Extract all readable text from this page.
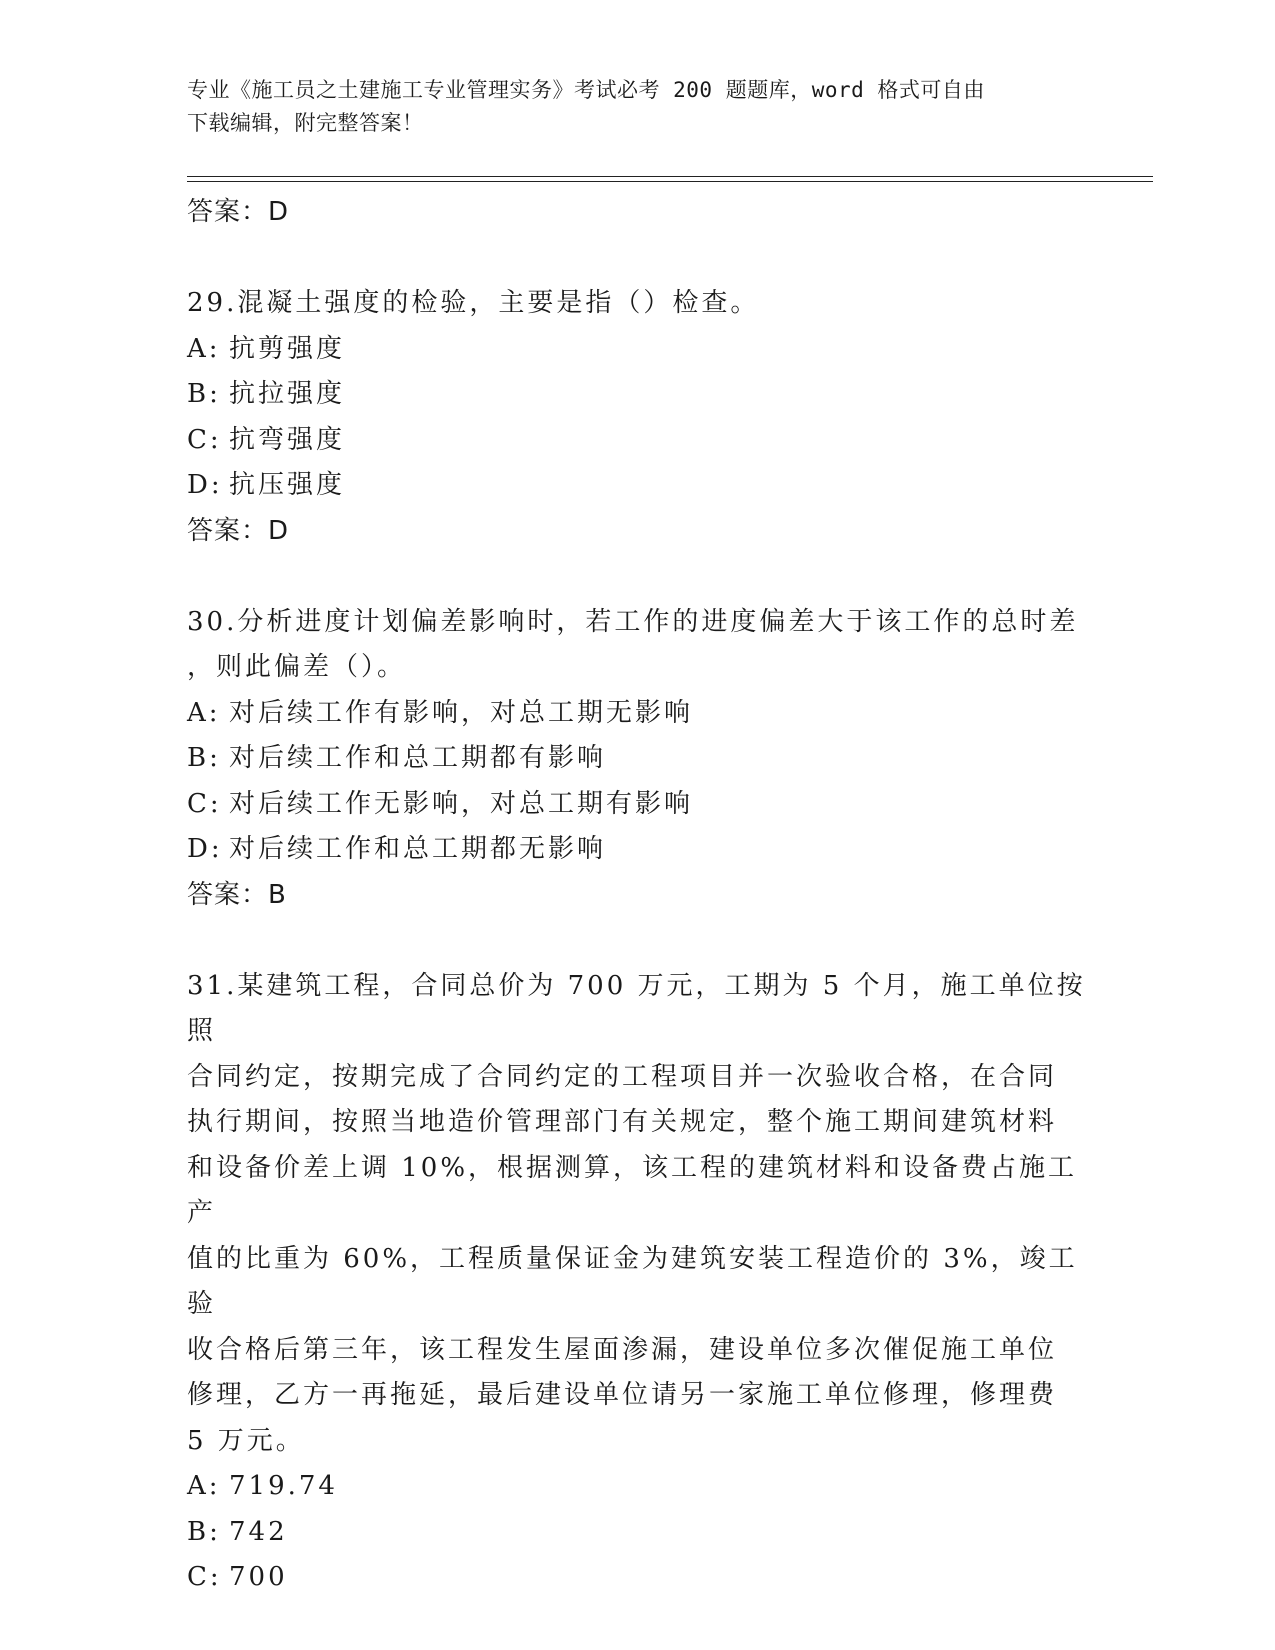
专业《施工员之土建施工专业管理实务》考试必考 200 题题库，word 格式可自由
下载编辑，附完整答案！
答案：D

29.混凝土强度的检验，主要是指（）检查。

A: 抗剪强度
B: 抗拉强度
C: 抗弯强度
D: 抗压强度
答案：D
30.分析进度计划偏差影响时，若工作的进度偏差大于该工作的总时差
，则此偏差（）。
A: 对后续工作有影响，对总工期无影响
B: 对后续工作和总工期都有影响
C: 对后续工作无影响，对总工期有影响
D: 对后续工作和总工期都无影响
答案：B
31.某建筑工程，合同总价为 700 万元，工期为 5 个月，施工单位按照
合同约定，按期完成了合同约定的工程项目并一次验收合格，在合同
执行期间，按照当地造价管理部门有关规定，整个施工期间建筑材料
和设备价差上调 10%，根据测算，该工程的建筑材料和设备费占施工产
值的比重为 60%，工程质量保证金为建筑安装工程造价的 3%，竣工验
收合格后第三年，该工程发生屋面渗漏，建设单位多次催促施工单位
修理，乙方一再拖延，最后建设单位请另一家施工单位修理，修理费
5 万元。
A: 719.74
B: 742
C: 700
